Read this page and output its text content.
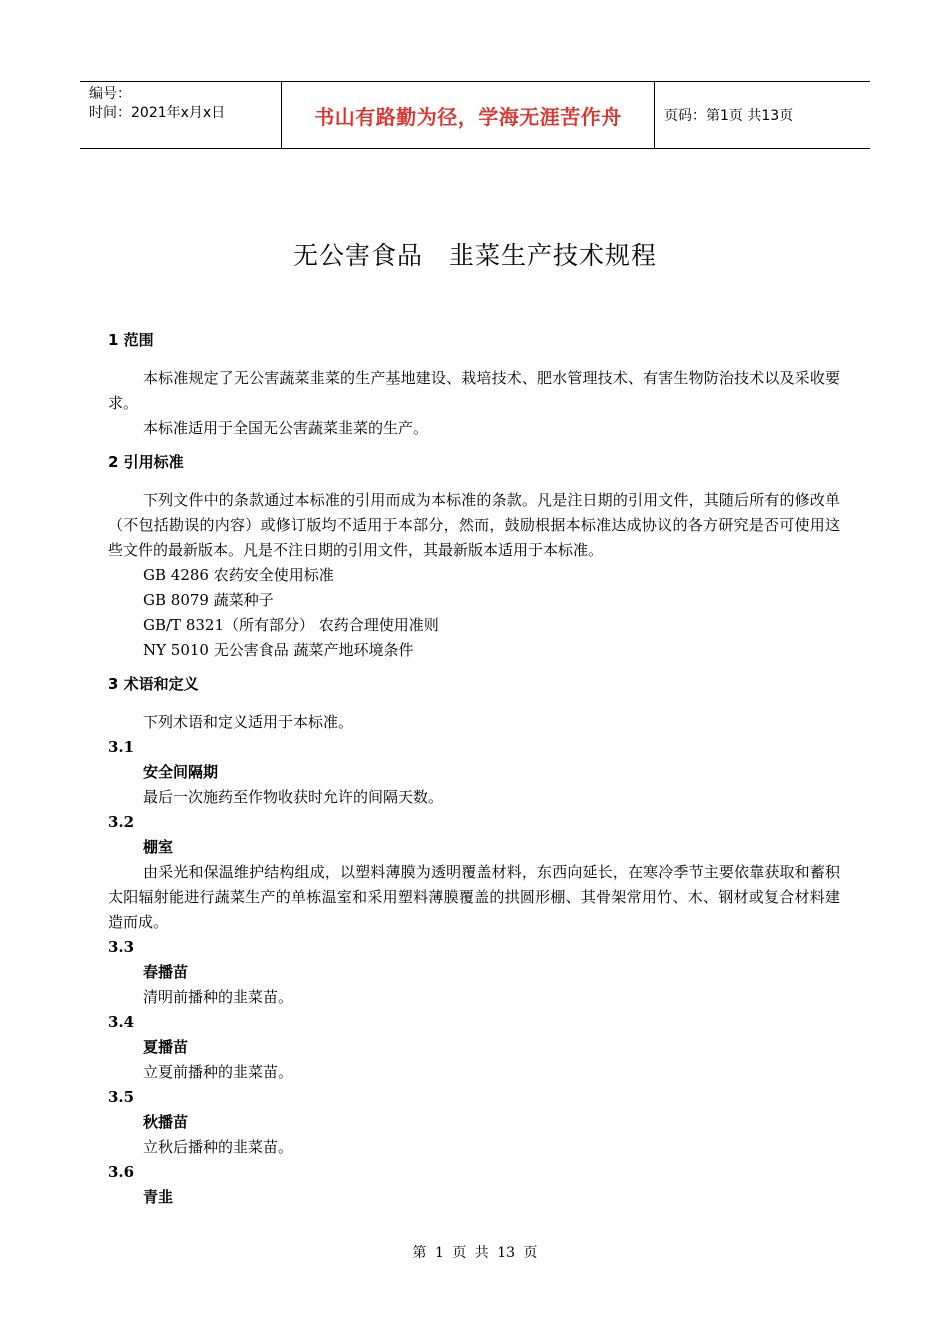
编号：
时间：2021年x月x日	书山有路勤为径，学海无涯苦作舟	页码：第1页 共13页
无公害食品 韭菜生产技术规程
1 范围
本标准规定了无公害蔬菜韭菜的生产基地建设、栽培技术、肥水管理技术、有害生物防治技术以及采收要求。
本标准适用于全国无公害蔬菜韭菜的生产。
2 引用标准
下列文件中的条款通过本标准的引用而成为本标准的条款。凡是注日期的引用文件，其随后所有的修改单（不包括勘误的内容）或修订版均不适用于本部分，然而，鼓励根据本标准达成协议的各方研究是否可使用这些文件的最新版本。凡是不注日期的引用文件，其最新版本适用于本标准。
GB 4286 农药安全使用标准
GB 8079 蔬菜种子
GB/T 8321（所有部分） 农药合理使用准则
NY 5010 无公害食品 蔬菜产地环境条件
3 术语和定义
下列术语和定义适用于本标准。
3.1
安全间隔期
最后一次施药至作物收获时允许的间隔天数。
3.2
棚室
由采光和保温维护结构组成，以塑料薄膜为透明覆盖材料，东西向延长，在寒冷季节主要依靠获取和蓄积太阳辐射能进行蔬菜生产的单栋温室和采用塑料薄膜覆盖的拱圆形棚、其骨架常用竹、木、钢材或复合材料建造而成。
3.3
春播苗
清明前播种的韭菜苗。
3.4
夏播苗
立夏前播种的韭菜苗。
3.5
秋播苗
立秋后播种的韭菜苗。
3.6
青韭
第 1 页 共 13 页
